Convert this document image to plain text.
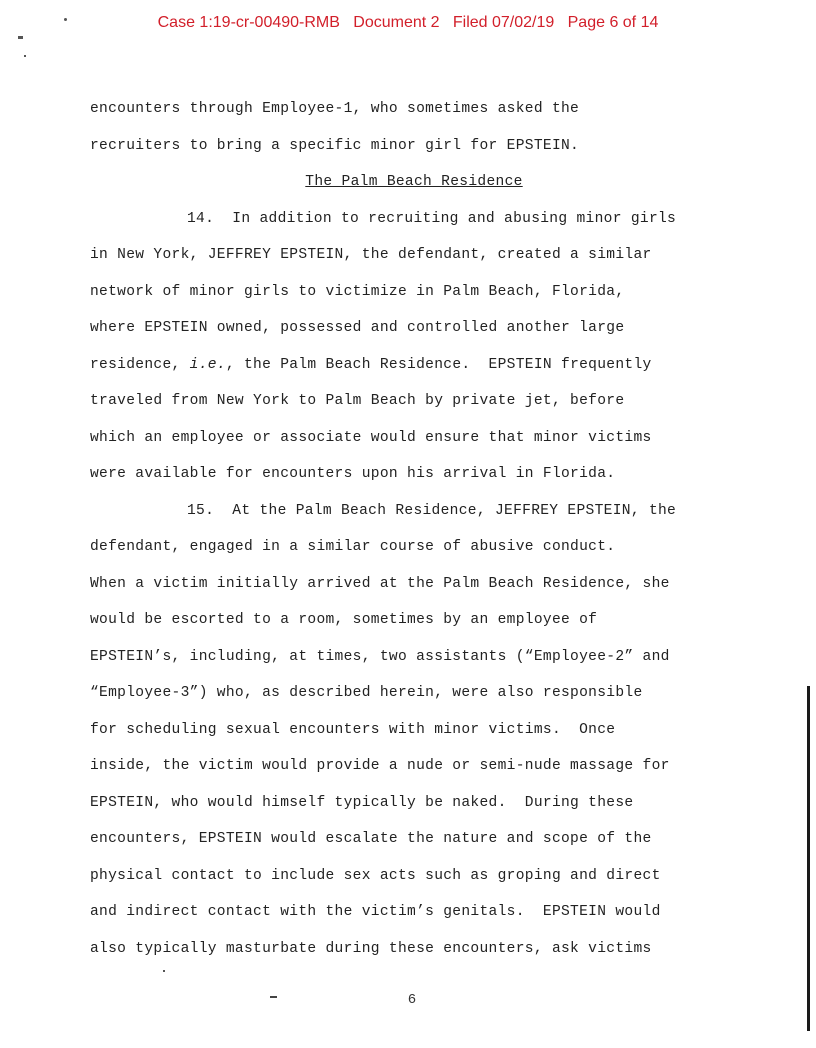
Case 1:19-cr-00490-RMB Document 2 Filed 07/02/19 Page 6 of 14
encounters through Employee-1, who sometimes asked the
recruiters to bring a specific minor girl for EPSTEIN.
The Palm Beach Residence
14.  In addition to recruiting and abusing minor girls
in New York, JEFFREY EPSTEIN, the defendant, created a similar
network of minor girls to victimize in Palm Beach, Florida,
where EPSTEIN owned, possessed and controlled another large
residence, i.e., the Palm Beach Residence.  EPSTEIN frequently
traveled from New York to Palm Beach by private jet, before
which an employee or associate would ensure that minor victims
were available for encounters upon his arrival in Florida.
15.  At the Palm Beach Residence, JEFFREY EPSTEIN, the
defendant, engaged in a similar course of abusive conduct.
When a victim initially arrived at the Palm Beach Residence, she
would be escorted to a room, sometimes by an employee of
EPSTEIN’s, including, at times, two assistants (“Employee-2” and
“Employee-3”) who, as described herein, were also responsible
for scheduling sexual encounters with minor victims.  Once
inside, the victim would provide a nude or semi-nude massage for
EPSTEIN, who would himself typically be naked.  During these
encounters, EPSTEIN would escalate the nature and scope of the
physical contact to include sex acts such as groping and direct
and indirect contact with the victim’s genitals.  EPSTEIN would
also typically masturbate during these encounters, ask victims
6
